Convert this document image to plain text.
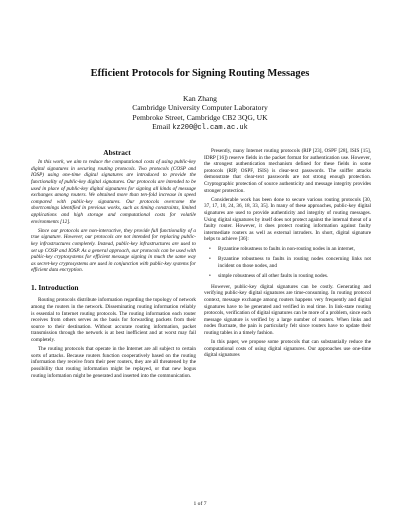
Efficient Protocols for Signing Routing Messages
Kan Zhang
Cambridge University Computer Laboratory
Pembroke Street, Cambridge CB2 3QG, UK
Email kz200@cl.cam.ac.uk

Abstract

In this work, we aim to reduce the computational costs of using public-key digital signatures in securing routing protocols. Two protocols (COSP and IOSP) using one-time digital signatures are introduced to provide the functionality of public-key digital signatures. Our protocols are intended to be used in place of public-key digital signatures for signing all kinds of message exchanges among routers. We obtained more than ten-fold increase in speed compared with public-key signatures. Our protocols overcome the shortcomings identified in previous works, such as timing constraints, limited applications and high storage and computational costs for volatile environments [12].

Since our protocols are non-interactive, they provide full functionality of a true signature. However, our protocols are not intended for replacing public-key infrastructures completely. Instead, public-key infrastructures are used to set up COSP and IOSP. As a general approach, our protocols can be used with public-key cryptosystems for efficient message signing in much the same way as secret-key cryptosystems are used in conjunction with public-key systems for efficient data encryption.

1. Introduction

Routing protocols distribute information regarding the topology of network among the routers in the network. Disseminating routing information reliably is essential to Internet routing protocols. The routing information each router receives from others serves as the basis for forwarding packets from their source to their destination. Without accurate routing information, packet transmission through the network is at best inefficient and at worst may fail completely.

The routing protocols that operate in the Internet are all subject to certain sorts of attacks. Because routers function cooperatively based on the routing information they receive from their peer routers, they are all threatened by the possibility that routing information might be replayed, or that new bogus routing information might be generated and inserted into the communication.

Presently, many Internet routing protocols (RIP [23], OSPF [28], ISIS [15], IDRP [16]) reserve fields in the packet format for authentication use. However, the strongest authentication mechanism defined for these fields in some protocols (RIP, OSPF, ISIS) is clear-text passwords. The sniffer attacks demonstrate that clear-text passwords are not strong enough protection. Cryptographic protection of source authenticity and message integrity provides stronger protection.

Considerable work has been done to secure various routing protocols [30, 37, 17, 10, 24, 36, 18, 33, 35]. In many of these approaches, public-key digital signatures are used to provide authenticity and integrity of routing messages. Using digital signatures by itself does not protect against the internal threat of a faulty router. However, it does protect routing information against faulty intermediate routers as well as external intruders. In short, digital signature helps to achieve [36]:

• Byzantine robustness to faults in non-routing nodes in an internet,
• Byzantine robustness to faults in routing nodes concerning links not incident on those nodes, and
• simple robustness of all other faults in routing nodes.

However, public-key digital signatures can be costly. Generating and verifying public-key digital signatures are time-consuming. In routing protocol context, message exchange among routers happens very frequently and digital signatures have to be generated and verified in real time. In link-state routing protocols, verification of digital signatures can be more of a problem, since each message signature is verified by a large number of routers. When links and nodes fluctuate, the pain is particularly felt since routers have to update their routing tables in a timely fashion.

In this paper, we propose some protocols that can substantially reduce the computational costs of using digital signatures. Our approaches use one-time digital signatures

1 of 7
